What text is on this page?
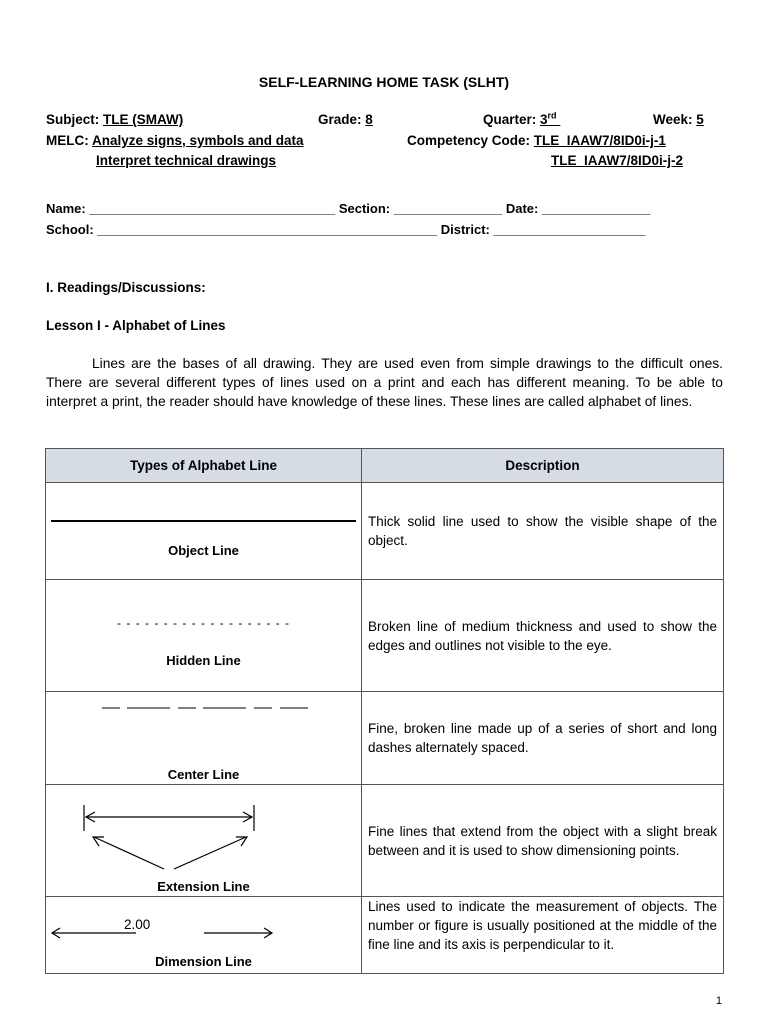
SELF-LEARNING HOME TASK (SLHT)
Subject: TLE (SMAW)	Grade: 8	Quarter: 3rd	Week: 5
MELC: Analyze signs, symbols and data
Interpret technical drawings
Competency Code: TLE_IAAW7/8ID0i-j-1
TLE_IAAW7/8ID0i-j-2
Name: __________________________________ Section: _______________ Date: _______________
School: _______________________________________________ District: _____________________
I. Readings/Discussions:
Lesson I - Alphabet of Lines
Lines are the bases of all drawing. They are used even from simple drawings to the difficult ones. There are several different types of lines used on a print and each has different meaning. To be able to interpret a print, the reader should have knowledge of these lines. These lines are called alphabet of lines.
Types of Alphabet Line	Description

Object Line	Thick solid line used to show the visible shape of the object.

- - - - - - - - - - - - - - - - - - -
Hidden Line	Broken line of medium thickness and used to show the edges and outlines not visible to the eye.

Center Line	Fine, broken line made up of a series of short and long dashes alternately spaced.

Extension Line	Fine lines that extend from the object with a slight break between and it is used to show dimensioning points.

2.00
Dimension Line	Lines used to indicate the measurement of objects. The number or figure is usually positioned at the middle of the fine line and its axis is perpendicular to it.
1
